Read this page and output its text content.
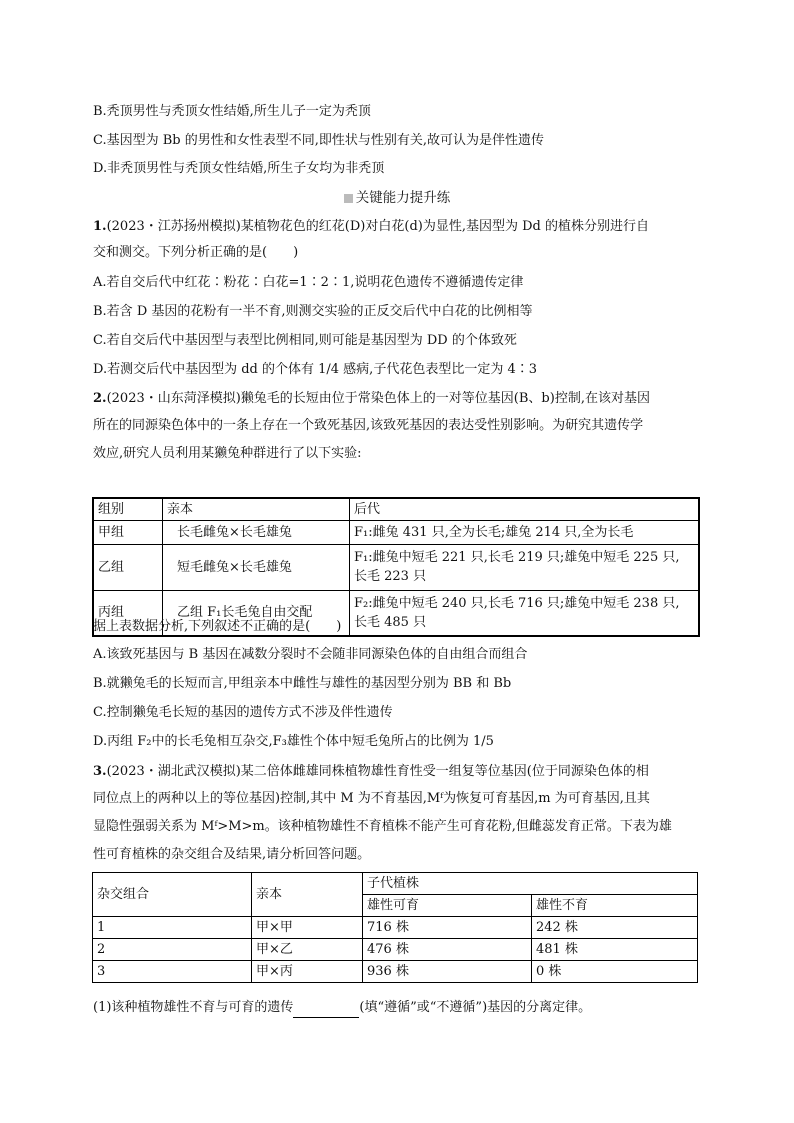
B.秃顶男性与秃顶女性结婚,所生儿子一定为秃顶
C.基因型为 Bb 的男性和女性表型不同,即性状与性别有关,故可认为是伴性遗传
D.非秃顶男性与秃顶女性结婚,所生子女均为非秃顶
关键能力提升练
1.(2023・江苏扬州模拟)某植物花色的红花(D)对白花(d)为显性,基因型为 Dd 的植株分别进行自
交和测交。下列分析正确的是(　　)
A.若自交后代中红花∶粉花∶白花=1∶2∶1,说明花色遗传不遵循遗传定律
B.若含 D 基因的花粉有一半不育,则测交实验的正反交后代中白花的比例相等
C.若自交后代中基因型与表型比例相同,则可能是基因型为 DD 的个体致死
D.若测交后代中基因型为 dd 的个体有 1/4 感病,子代花色表型比一定为 4∶3
2.(2023・山东菏泽模拟)獭兔毛的长短由位于常染色体上的一对等位基因(B、b)控制,在该对基因
所在的同源染色体中的一条上存在一个致死基因,该致死基因的表达受性别影响。为研究其遗传学
效应,研究人员利用某獭兔种群进行了以下实验:
组别	亲本	后代
甲组	长毛雌兔×长毛雄兔	F₁:雌兔 431 只,全为长毛;雄兔 214 只,全为长毛
乙组	短毛雌兔×长毛雄兔	F₁:雌兔中短毛 221 只,长毛 219 只;雄兔中短毛 225 只,
长毛 223 只

丙组	乙组 F₁长毛兔自由交配	F₂:雌兔中短毛 240 只,长毛 716 只;雄兔中短毛 238 只,
长毛 485 只
据上表数据分析,下列叙述不正确的是(　　)
A.该致死基因与 B 基因在减数分裂时不会随非同源染色体的自由组合而组合
B.就獭兔毛的长短而言,甲组亲本中雌性与雄性的基因型分别为 BB 和 Bb
C.控制獭兔毛长短的基因的遗传方式不涉及伴性遗传
D.丙组 F₂中的长毛兔相互杂交,F₃雄性个体中短毛兔所占的比例为 1/5
3.(2023・湖北武汉模拟)某二倍体雌雄同株植物雄性育性受一组复等位基因(位于同源染色体的相
同位点上的两种以上的等位基因)控制,其中 M 为不育基因,Mᶠ为恢复可育基因,m 为可育基因,且其
显隐性强弱关系为 Mᶠ>M>m。该种植物雄性不育植株不能产生可育花粉,但雌蕊发育正常。下表为雄
性可育植株的杂交组合及结果,请分析回答问题。
杂交组合	亲本	子代植株	
		雄性可育	雄性不育
1	甲×甲	716 株	242 株
2	甲×乙	476 株	481 株
3	甲×丙	936 株	0 株
(1)该种植物雄性不育与可育的遗传	(填“遵循”或“不遵循”)基因的分离定律。
